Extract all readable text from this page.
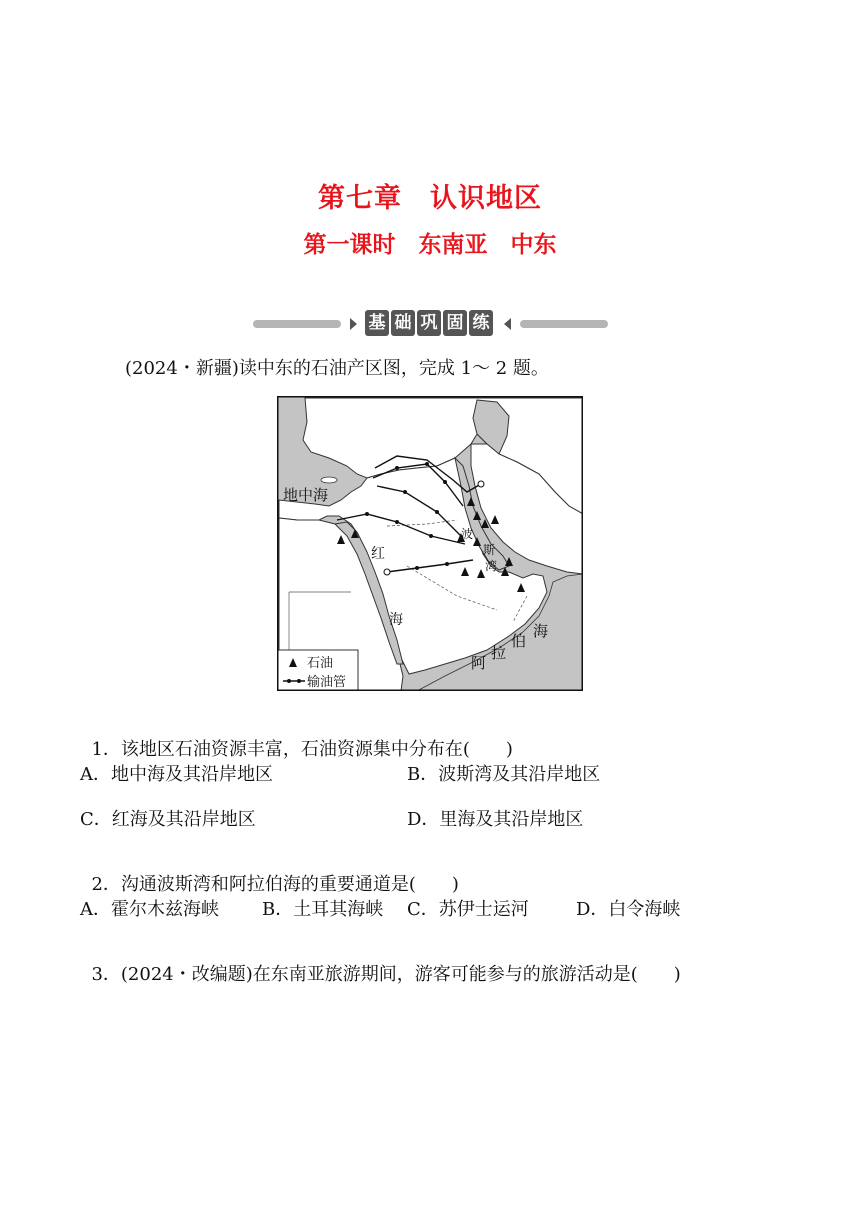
第七章　认识地区
第一课时　东南亚　中东
基 础 巩 固 练
(2024・新疆)读中东的石油产区图，完成 1～ 2 题。
地中海
波
斯
湾
红
海
阿
拉
伯
海
石油
输油管

1．该地区石油资源丰富，石油资源集中分布在(　　)

A．地中海及其沿岸地区	B．波斯湾及其沿岸地区
C．红海及其沿岸地区	D．里海及其沿岸地区

2．沟通波斯湾和阿拉伯海的重要通道是(　　)

A．霍尔木兹海峡 B．土耳其海峡 C．苏伊士运河	D．白令海峡

3．(2024・改编题)在东南亚旅游期间，游客可能参与的旅游活动是(　　)
